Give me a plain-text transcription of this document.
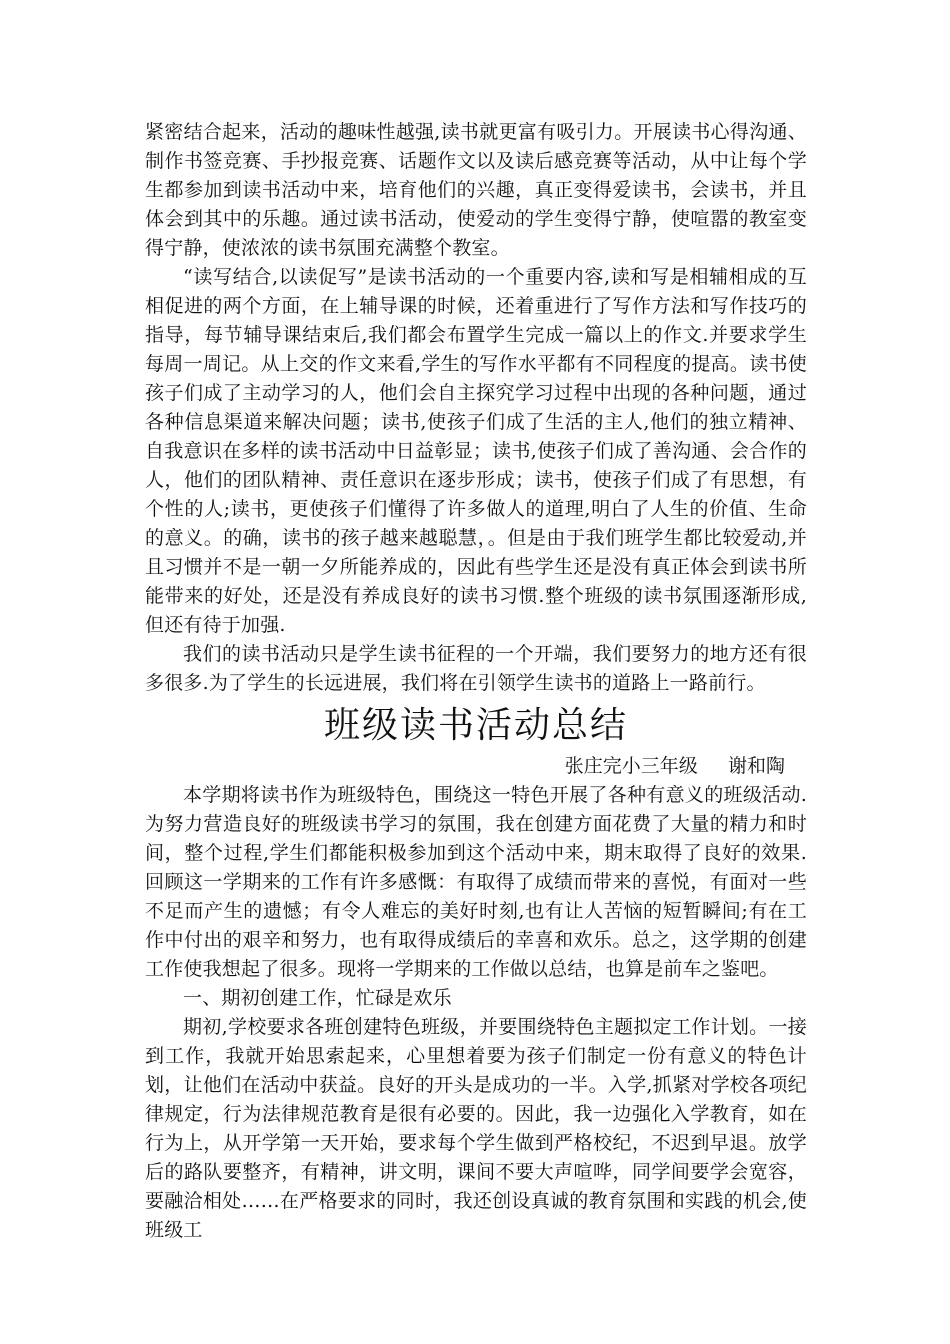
紧密结合起来，活动的趣味性越强,读书就更富有吸引力。开展读书心得沟通、制作书签竞赛、手抄报竞赛、话题作文以及读后感竞赛等活动，从中让每个学生都参加到读书活动中来，培育他们的兴趣，真正变得爱读书，会读书，并且体会到其中的乐趣。通过读书活动，使爱动的学生变得宁静，使喧嚣的教室变得宁静，使浓浓的读书氛围充满整个教室。

“读写结合,以读促写”是读书活动的一个重要内容,读和写是相辅相成的互相促进的两个方面，在上辅导课的时候，还着重进行了写作方法和写作技巧的指导，每节辅导课结束后,我们都会布置学生完成一篇以上的作文.并要求学生每周一周记。从上交的作文来看,学生的写作水平都有不同程度的提高。读书使孩子们成了主动学习的人，他们会自主探究学习过程中出现的各种问题，通过各种信息渠道来解决问题；读书,使孩子们成了生活的主人,他们的独立精神、自我意识在多样的读书活动中日益彰显；读书,使孩子们成了善沟通、会合作的人，他们的团队精神、责任意识在逐步形成；读书，使孩子们成了有思想，有个性的人;读书，更使孩子们懂得了许多做人的道理,明白了人生的价值、生命的意义。的确，读书的孩子越来越聪慧，。但是由于我们班学生都比较爱动,并且习惯并不是一朝一夕所能养成的，因此有些学生还是没有真正体会到读书所能带来的好处，还是没有养成良好的读书习惯.整个班级的读书氛围逐渐形成,但还有待于加强.

我们的读书活动只是学生读书征程的一个开端，我们要努力的地方还有很多很多.为了学生的长远进展，我们将在引领学生读书的道路上一路前行。

班级读书活动总结

张庄完小三年级     谢和陶

本学期将读书作为班级特色，围绕这一特色开展了各种有意义的班级活动.为努力营造良好的班级读书学习的氛围，我在创建方面花费了大量的精力和时间，整个过程,学生们都能积极参加到这个活动中来，期末取得了良好的效果.回顾这一学期来的工作有许多感慨：有取得了成绩而带来的喜悦，有面对一些不足而产生的遗憾；有令人难忘的美好时刻,也有让人苦恼的短暂瞬间;有在工作中付出的艰辛和努力，也有取得成绩后的幸喜和欢乐。总之，这学期的创建工作使我想起了很多。现将一学期来的工作做以总结，也算是前车之鉴吧。

一、期初创建工作，忙碌是欢乐

期初,学校要求各班创建特色班级，并要围绕特色主题拟定工作计划。一接到工作，我就开始思索起来，心里想着要为孩子们制定一份有意义的特色计划，让他们在活动中获益。良好的开头是成功的一半。入学,抓紧对学校各项纪律规定，行为法律规范教育是很有必要的。因此，我一边强化入学教育，如在行为上，从开学第一天开始，要求每个学生做到严格校纪，不迟到早退。放学后的路队要整齐，有精神，讲文明，课间不要大声喧哗，同学间要学会宽容，要融洽相处……在严格要求的同时，我还创设真诚的教育氛围和实践的机会,使班级工
